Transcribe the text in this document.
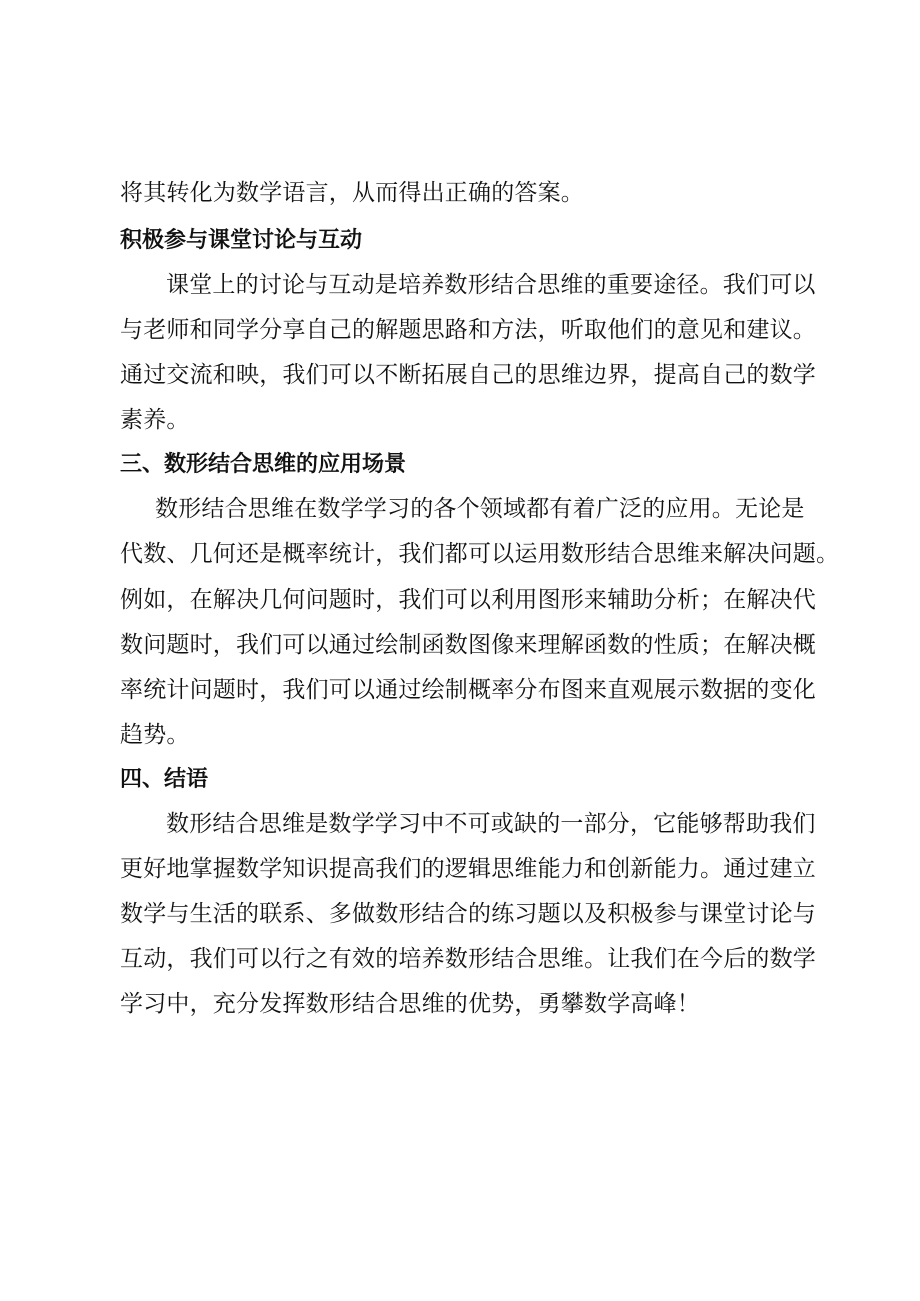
将其转化为数学语言，从而得出正确的答案。

积极参与课堂讨论与互动

课堂上的讨论与互动是培养数形结合思维的重要途径。我们可以

与老师和同学分享自己的解题思路和方法，听取他们的意见和建议。

通过交流和映，我们可以不断拓展自己的思维边界，提高自己的数学

素养。

三、数形结合思维的应用场景

数形结合思维在数学学习的各个领域都有着广泛的应用。无论是

代数、几何还是概率统计，我们都可以运用数形结合思维来解决问题。

例如，在解决几何问题时，我们可以利用图形来辅助分析；在解决代

数问题时，我们可以通过绘制函数图像来理解函数的性质；在解决概

率统计问题时，我们可以通过绘制概率分布图来直观展示数据的变化

趋势。

四、结语

数形结合思维是数学学习中不可或缺的一部分，它能够帮助我们

更好地掌握数学知识提高我们的逻辑思维能力和创新能力。通过建立

数学与生活的联系、多做数形结合的练习题以及积极参与课堂讨论与

互动，我们可以行之有效的培养数形结合思维。让我们在今后的数学

学习中，充分发挥数形结合思维的优势，勇攀数学高峰！
